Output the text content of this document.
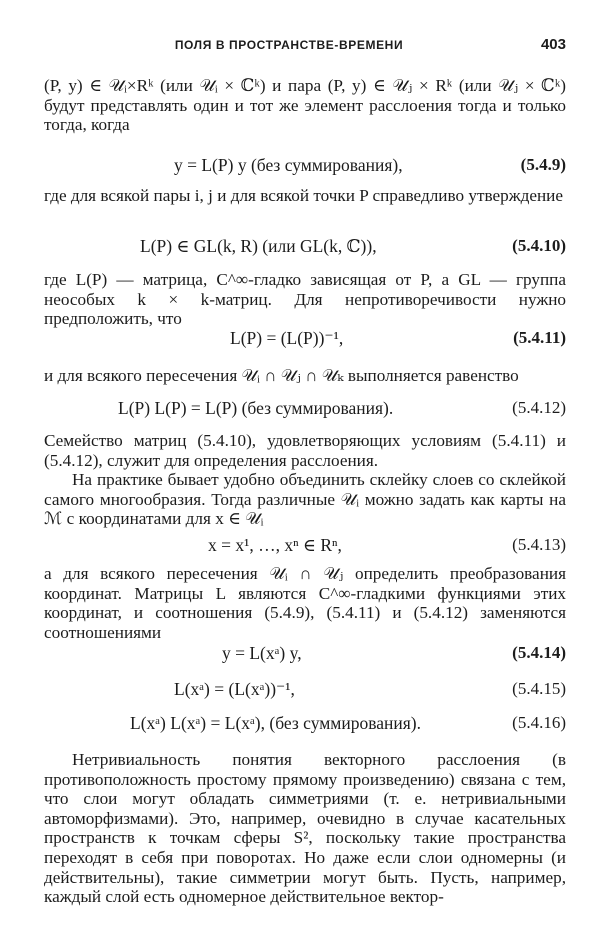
ПОЛЯ В ПРОСТРАНСТВЕ-ВРЕМЕНИ	403
(P, y) ∈ 𝒰ᵢ×Rᵏ (или 𝒰ᵢ × ℂᵏ) и пара (P, y) ∈ 𝒰ⱼ × Rᵏ (или 𝒰ⱼ × ℂᵏ) будут представлять один и тот же элемент расслоения тогда и только тогда, когда
y = L(P) y (без суммирования),	(5.4.9)
где для всякой пары i, j и для всякой точки P справедливо утверждение
L(P) ∈ GL(k, R) (или GL(k, ℂ)),	(5.4.10)
где L(P) — матрица, C^∞-гладко зависящая от P, а GL — группа неособых k × k-матриц. Для непротиворечивости нужно предположить, что
L(P) = (L(P))⁻¹,	(5.4.11)
и для всякого пересечения 𝒰ᵢ ∩ 𝒰ⱼ ∩ 𝒰ₖ выполняется равенство
L(P) L(P) = L(P) (без суммирования).	(5.4.12)
Семейство матриц (5.4.10), удовлетворяющих условиям (5.4.11) и (5.4.12), служит для определения расслоения.
На практике бывает удобно объединить склейку слоев со склейкой самого многообразия. Тогда различные 𝒰ᵢ можно задать как карты на ℳ с координатами для x ∈ 𝒰ᵢ
x = x¹, …, xⁿ ∈ Rⁿ,	(5.4.13)
а для всякого пересечения 𝒰ᵢ ∩ 𝒰ⱼ определить преобразования координат. Матрицы L являются C^∞-гладкими функциями этих координат, и соотношения (5.4.9), (5.4.11) и (5.4.12) заменяются соотношениями
y = L(xᵃ) y,	(5.4.14)
L(xᵃ) = (L(xᵃ))⁻¹,	(5.4.15)
L(xᵃ) L(xᵃ) = L(xᵃ), (без суммирования).	(5.4.16)
Нетривиальность понятия векторного расслоения (в противоположность простому прямому произведению) связана с тем, что слои могут обладать симметриями (т. е. нетривиальными автоморфизмами). Это, например, очевидно в случае касательных пространств к точкам сферы S², поскольку такие пространства переходят в себя при поворотах. Но даже если слои одномерны (и действительны), такие симметрии могут быть. Пусть, например, каждый слой есть одномерное действительное вектор-
